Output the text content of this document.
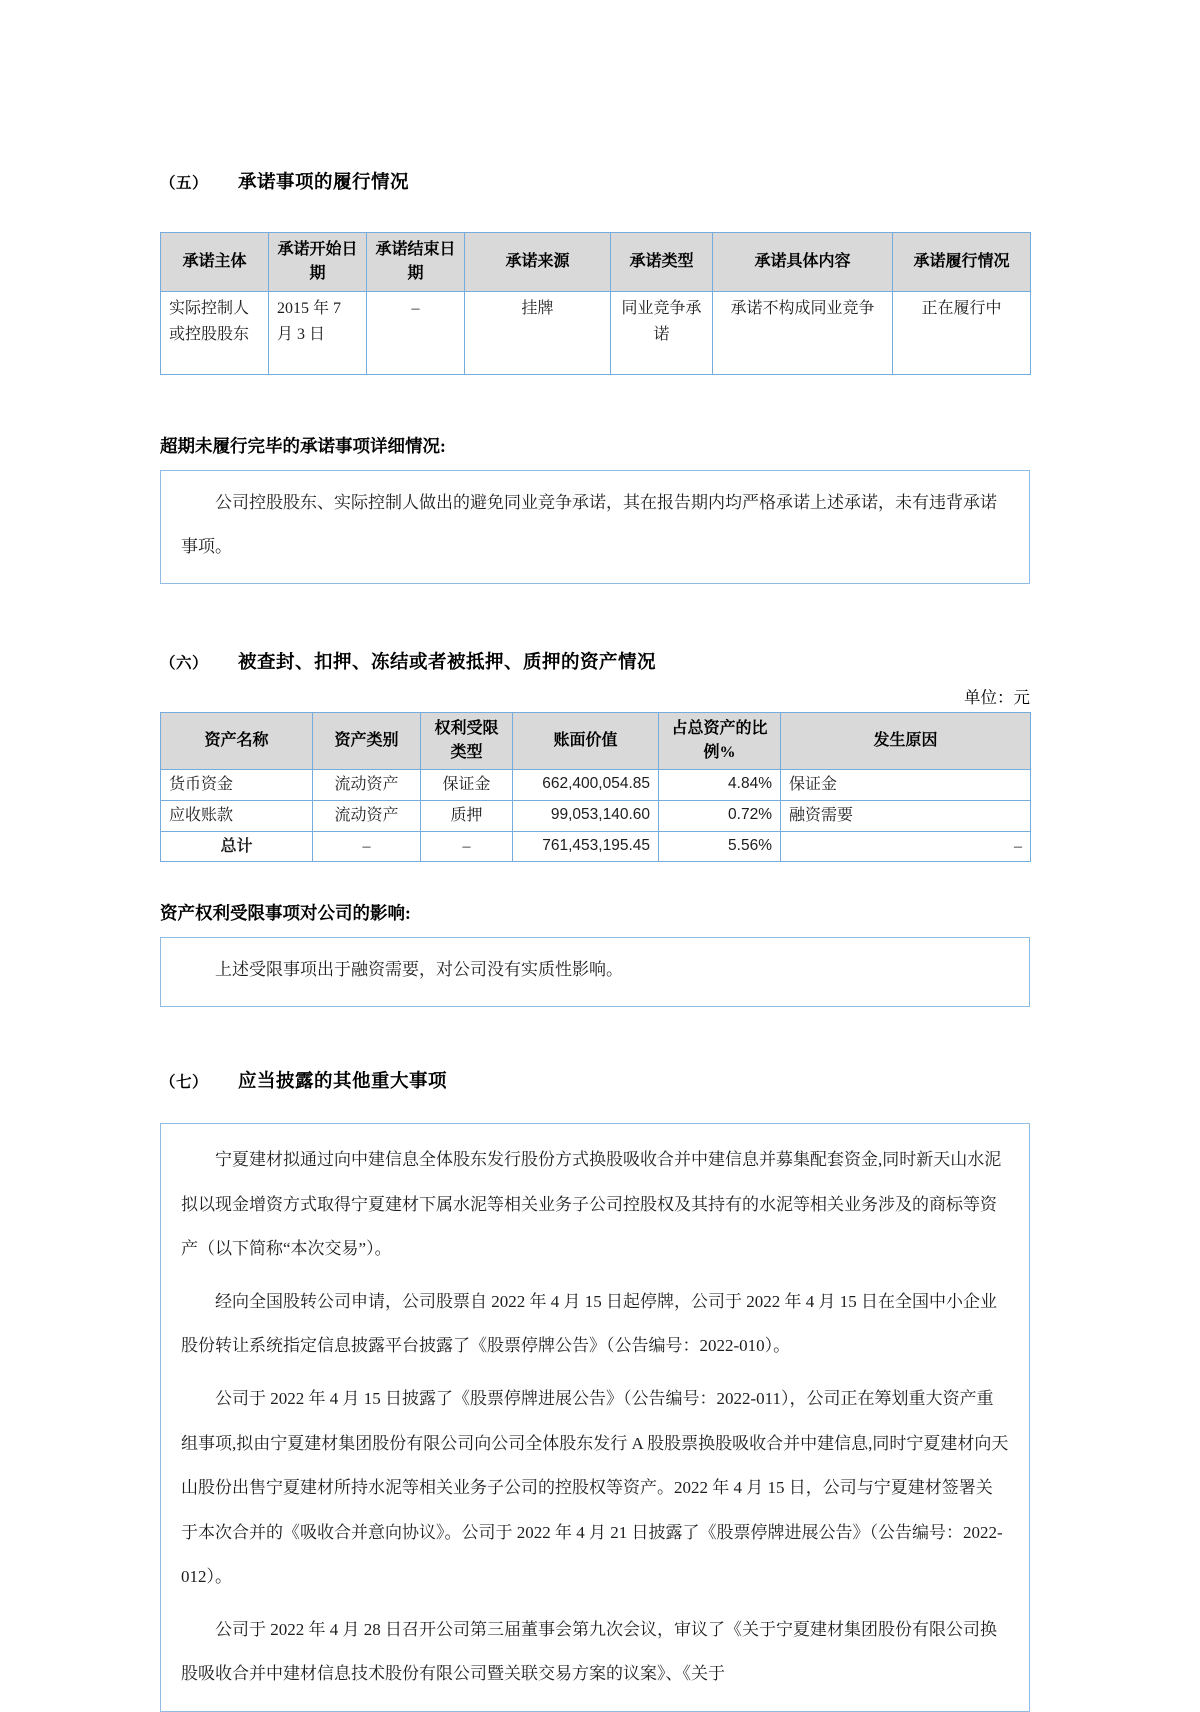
（五） 承诺事项的履行情况
承诺主体	承诺开始日期	承诺结束日期	承诺来源	承诺类型	承诺具体内容	承诺履行情况
实际控制人或控股股东	2015 年 7 月 3 日	–	挂牌	同业竞争承诺	承诺不构成同业竞争	正在履行中
超期未履行完毕的承诺事项详细情况:

公司控股股东、实际控制人做出的避免同业竞争承诺，其在报告期内均严格承诺上述承诺，未有违背承诺事项。

（六） 被查封、扣押、冻结或者被抵押、质押的资产情况
单位：元
资产名称	资产类别	权利受限类型	账面价值	占总资产的比例%	发生原因
货币资金	流动资产	保证金	662,400,054.85	4.84%	保证金
应收账款	流动资产	质押	99,053,140.60	0.72%	融资需要
总计	–	–	761,453,195.45	5.56%	–
资产权利受限事项对公司的影响:

上述受限事项出于融资需要，对公司没有实质性影响。

（七） 应当披露的其他重大事项

宁夏建材拟通过向中建信息全体股东发行股份方式换股吸收合并中建信息并募集配套资金,同时新天山水泥拟以现金增资方式取得宁夏建材下属水泥等相关业务子公司控股权及其持有的水泥等相关业务涉及的商标等资产（以下简称“本次交易”）。

经向全国股转公司申请，公司股票自 2022 年 4 月 15 日起停牌，公司于 2022 年 4 月 15 日在全国中小企业股份转让系统指定信息披露平台披露了《股票停牌公告》（公告编号：2022-010）。

公司于 2022 年 4 月 15 日披露了《股票停牌进展公告》（公告编号：2022-011），公司正在筹划重大资产重组事项,拟由宁夏建材集团股份有限公司向公司全体股东发行 A 股股票换股吸收合并中建信息,同时宁夏建材向天山股份出售宁夏建材所持水泥等相关业务子公司的控股权等资产。2022 年 4 月 15 日，公司与宁夏建材签署关于本次合并的《吸收合并意向协议》。公司于 2022 年 4 月 21 日披露了《股票停牌进展公告》（公告编号：2022-012）。

公司于 2022 年 4 月 28 日召开公司第三届董事会第九次会议，审议了《关于宁夏建材集团股份有限公司换股吸收合并中建材信息技术股份有限公司暨关联交易方案的议案》、《关于
